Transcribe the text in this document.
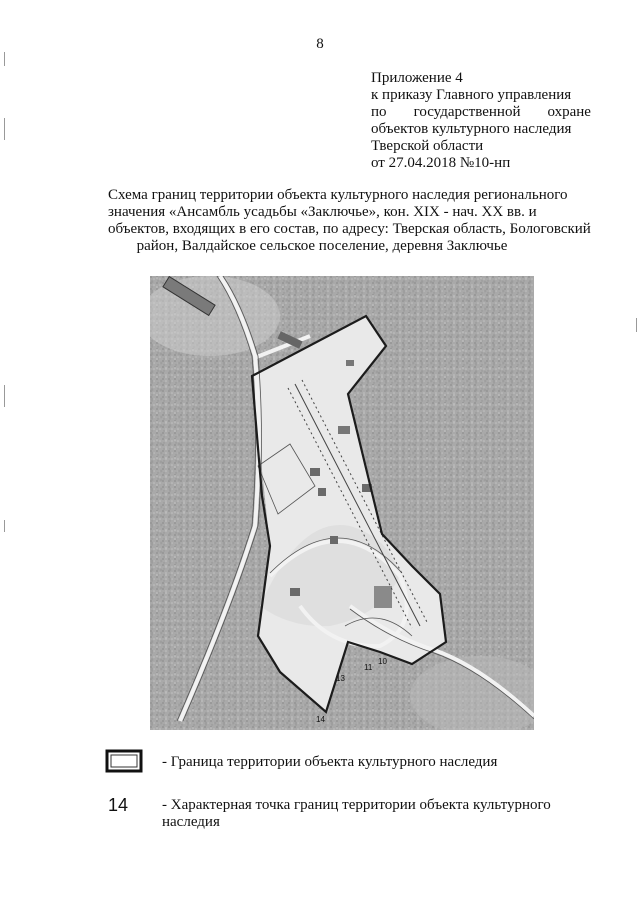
8
Приложение 4
к приказу Главного управления
по государственной охране
объектов культурного наследия
Тверской области
от 27.04.2018 №10-нп
Схема границ территории объекта культурного наследия регионального
значения «Ансамбль усадьбы «Заключье», кон. XIX - нач. XX вв. и
объектов, входящих в его состав, по адресу: Тверская область, Бологовский
район, Валдайское сельское поселение, деревня Заключье
10
11
13
14
- Граница территории объекта культурного наследия
14 - Характерная точка границ территории объекта культурного
наследия
